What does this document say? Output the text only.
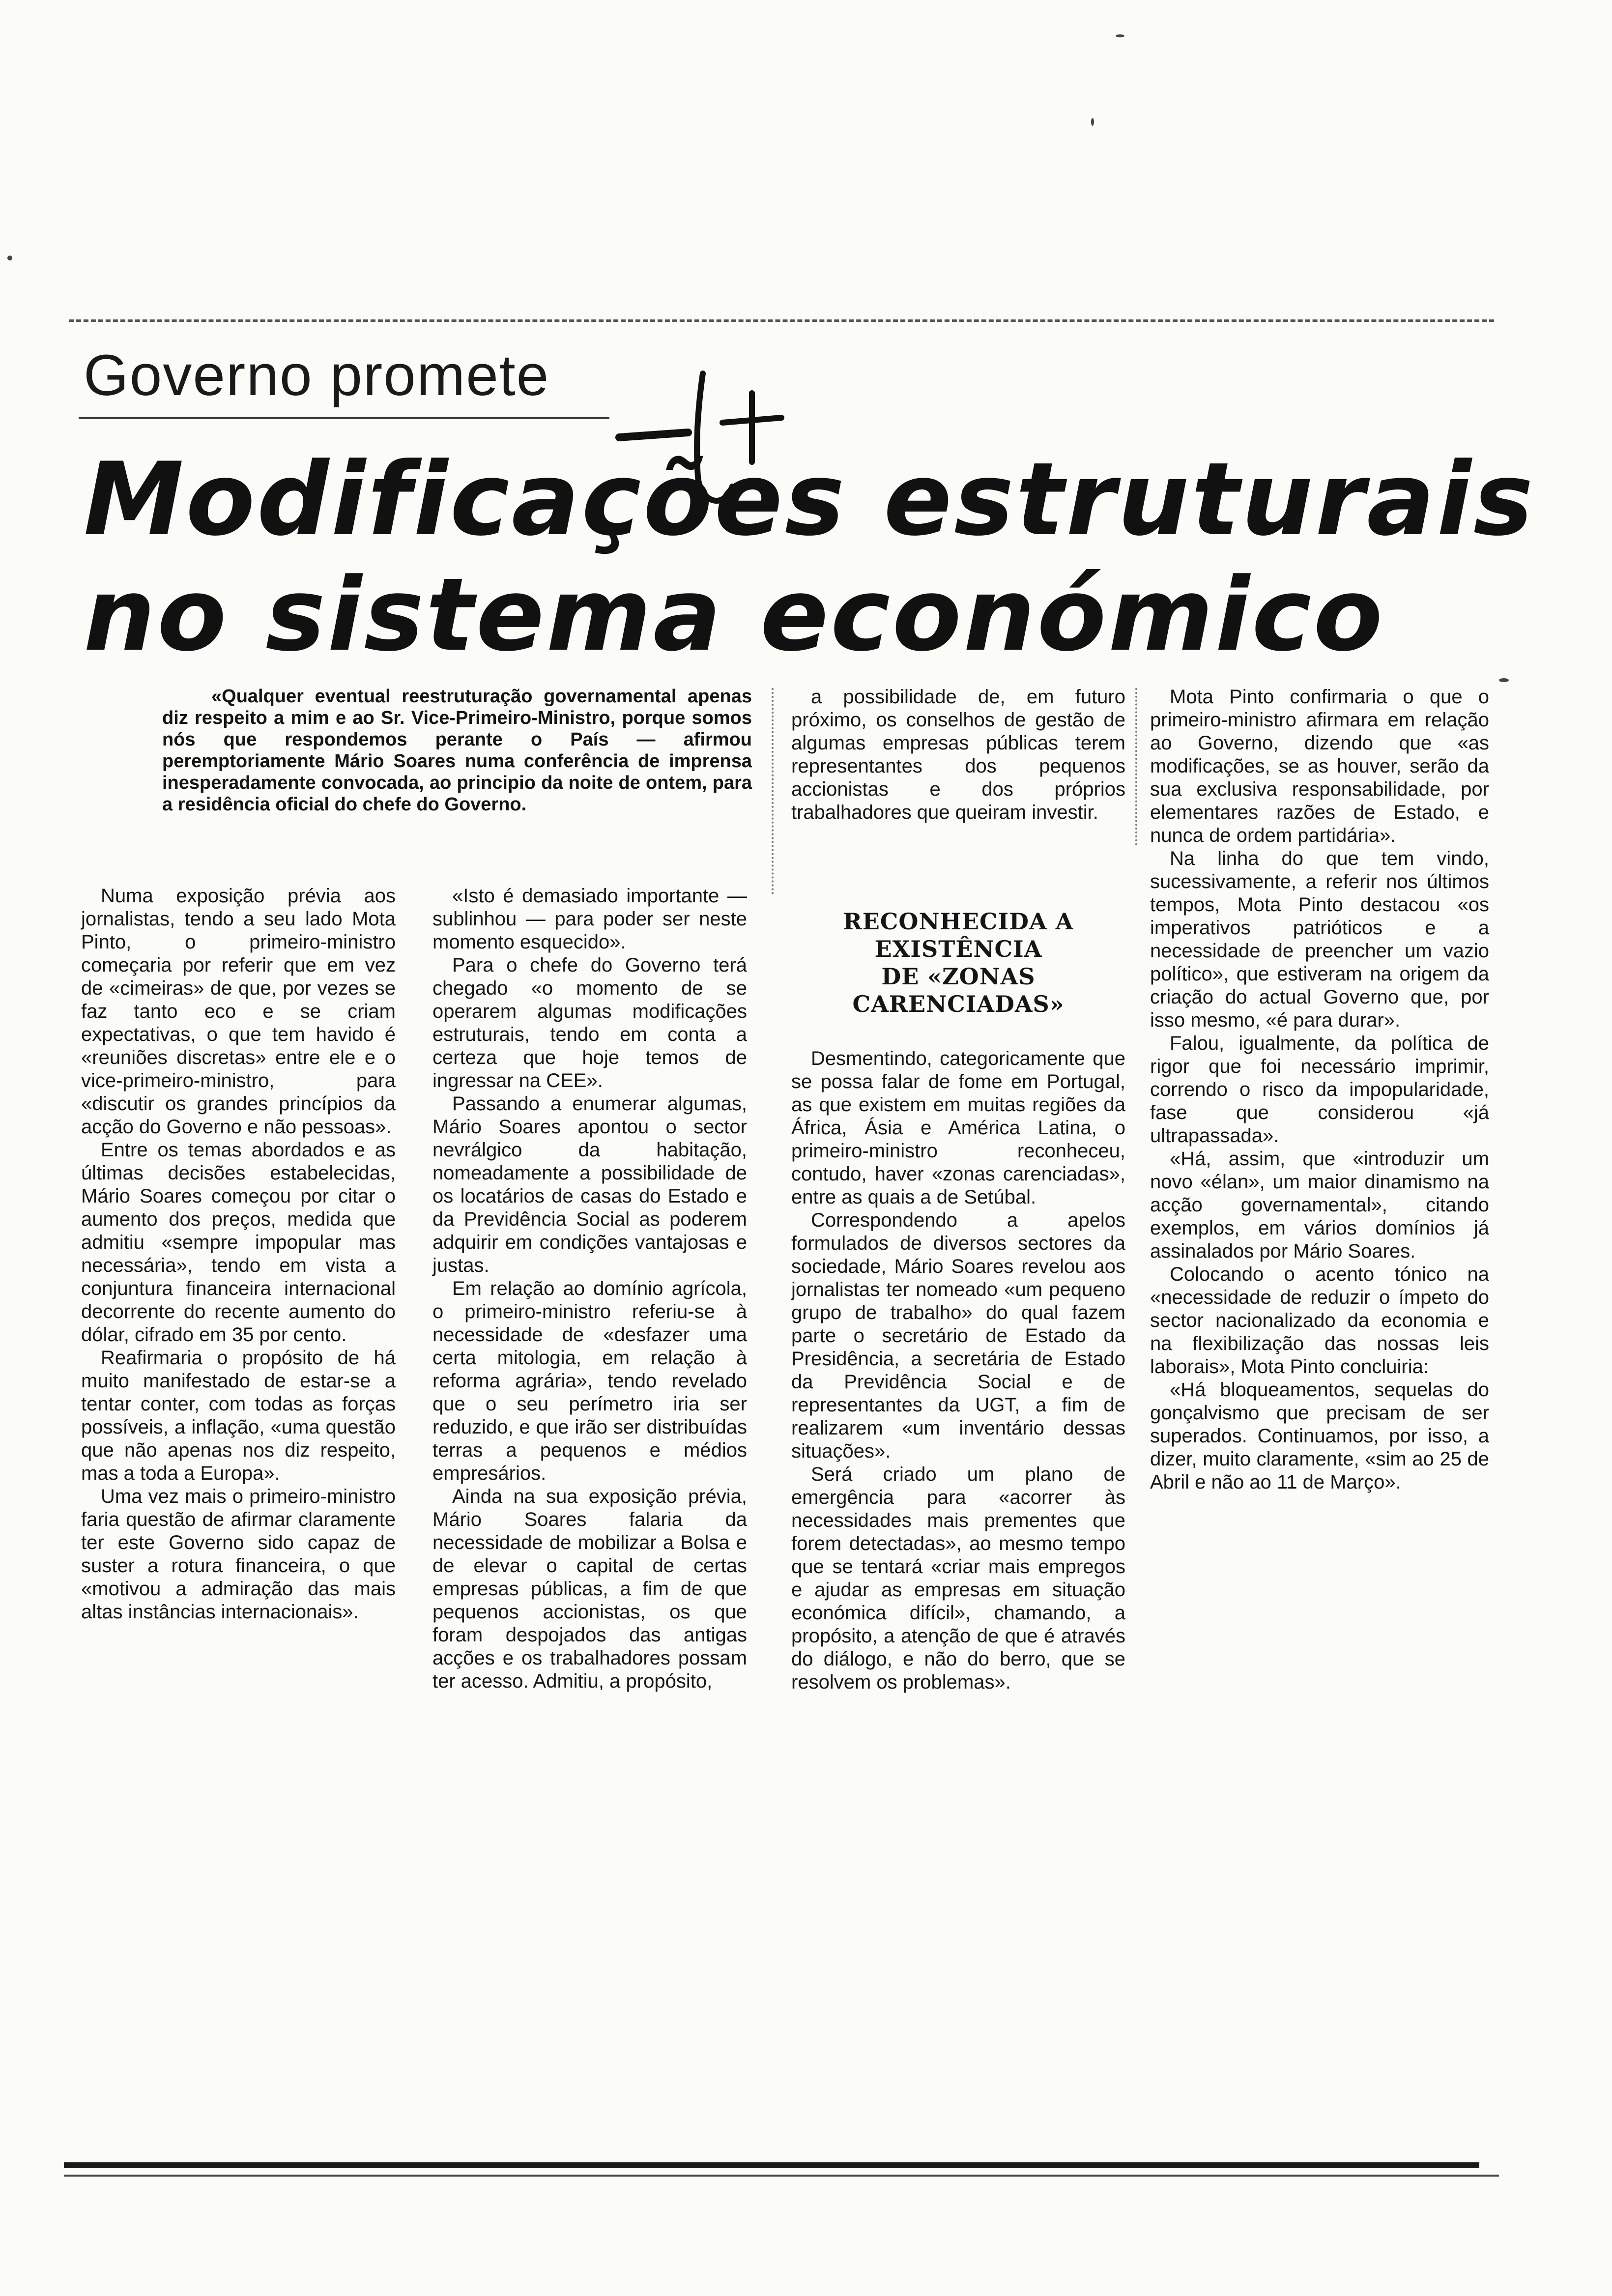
Governo promete
Modificações estruturais
no sistema económico
«Qualquer eventual reestruturação governamental apenas diz respeito a mim e ao Sr. Vice-Primeiro-Ministro, porque somos nós que respondemos perante o País — afirmou peremptoriamente Mário Soares numa conferência de imprensa inesperadamente convocada, ao principio da noite de ontem, para a residência oficial do chefe do Governo.

Numa exposição prévia aos jornalistas, tendo a seu lado Mota Pinto, o primeiro-ministro começaria por referir que em vez de «cimeiras» de que, por vezes se faz tanto eco e se criam expectativas, o que tem havido é «reuniões discretas» entre ele e o vice-primeiro-ministro, para «discutir os grandes princípios da acção do Governo e não pessoas».

Entre os temas abordados e as últimas decisões estabelecidas, Mário Soares começou por citar o aumento dos preços, medida que admitiu «sempre impopular mas necessária», tendo em vista a conjuntura financeira internacional decorrente do recente aumento do dólar, cifrado em 35 por cento.

Reafirmaria o propósito de há muito manifestado de estar-se a tentar conter, com todas as forças possíveis, a inflação, «uma questão que não apenas nos diz respeito, mas a toda a Europa».

Uma vez mais o primeiro-ministro faria questão de afirmar claramente ter este Governo sido capaz de suster a rotura financeira, o que «motivou a admiração das mais altas instâncias internacionais».

«Isto é demasiado importante — sublinhou — para poder ser neste momento esquecido».

Para o chefe do Governo terá chegado «o momento de se operarem algumas modificações estruturais, tendo em conta a certeza que hoje temos de ingressar na CEE».

Passando a enumerar algumas, Mário Soares apontou o sector nevrálgico da habitação, nomeadamente a possibilidade de os locatários de casas do Estado e da Previdência Social as poderem adquirir em condições vantajosas e justas.

Em relação ao domínio agrícola, o primeiro-ministro referiu-se à necessidade de «desfazer uma certa mitologia, em relação à reforma agrária», tendo revelado que o seu perímetro iria ser reduzido, e que irão ser distribuídas terras a pequenos e médios empresários.

Ainda na sua exposição prévia, Mário Soares falaria da necessidade de mobilizar a Bolsa e de elevar o capital de certas empresas públicas, a fim de que pequenos accionistas, os que foram despojados das antigas acções e os trabalhadores possam ter acesso. Admitiu, a propósito,

a possibilidade de, em futuro próximo, os conselhos de gestão de algumas empresas públicas terem representantes dos pequenos accionistas e dos próprios trabalhadores que queiram investir.

RECONHECIDA A EXISTÊNCIA
DE «ZONAS CARENCIADAS»

Desmentindo, categoricamente que se possa falar de fome em Portugal, as que existem em muitas regiões da África, Ásia e América Latina, o primeiro-ministro reconheceu, contudo, haver «zonas carenciadas», entre as quais a de Setúbal.

Correspondendo a apelos formulados de diversos sectores da sociedade, Mário Soares revelou aos jornalistas ter nomeado «um pequeno grupo de trabalho» do qual fazem parte o secretário de Estado da Presidência, a secretária de Estado da Previdência Social e de representantes da UGT, a fim de realizarem «um inventário dessas situações».

Será criado um plano de emergência para «acorrer às necessidades mais prementes que forem detectadas», ao mesmo tempo que se tentará «criar mais empregos e ajudar as empresas em situação económica difícil», chamando, a propósito, a atenção de que é através do diálogo, e não do berro, que se resolvem os problemas».

Mota Pinto confirmaria o que o primeiro-ministro afirmara em relação ao Governo, dizendo que «as modificações, se as houver, serão da sua exclusiva responsabilidade, por elementares razões de Estado, e nunca de ordem partidária».

Na linha do que tem vindo, sucessivamente, a referir nos últimos tempos, Mota Pinto destacou «os imperativos patrióticos e a necessidade de preencher um vazio político», que estiveram na origem da criação do actual Governo que, por isso mesmo, «é para durar».

Falou, igualmente, da política de rigor que foi necessário imprimir, correndo o risco da impopularidade, fase que considerou «já ultrapassada».

«Há, assim, que «introduzir um novo «élan», um maior dinamismo na acção governamental», citando exemplos, em vários domínios já assinalados por Mário Soares.

Colocando o acento tónico na «necessidade de reduzir o ímpeto do sector nacionalizado da economia e na flexibilização das nossas leis laborais», Mota Pinto concluiria:

«Há bloqueamentos, sequelas do gonçalvismo que precisam de ser superados. Continuamos, por isso, a dizer, muito claramente, «sim ao 25 de Abril e não ao 11 de Março».
